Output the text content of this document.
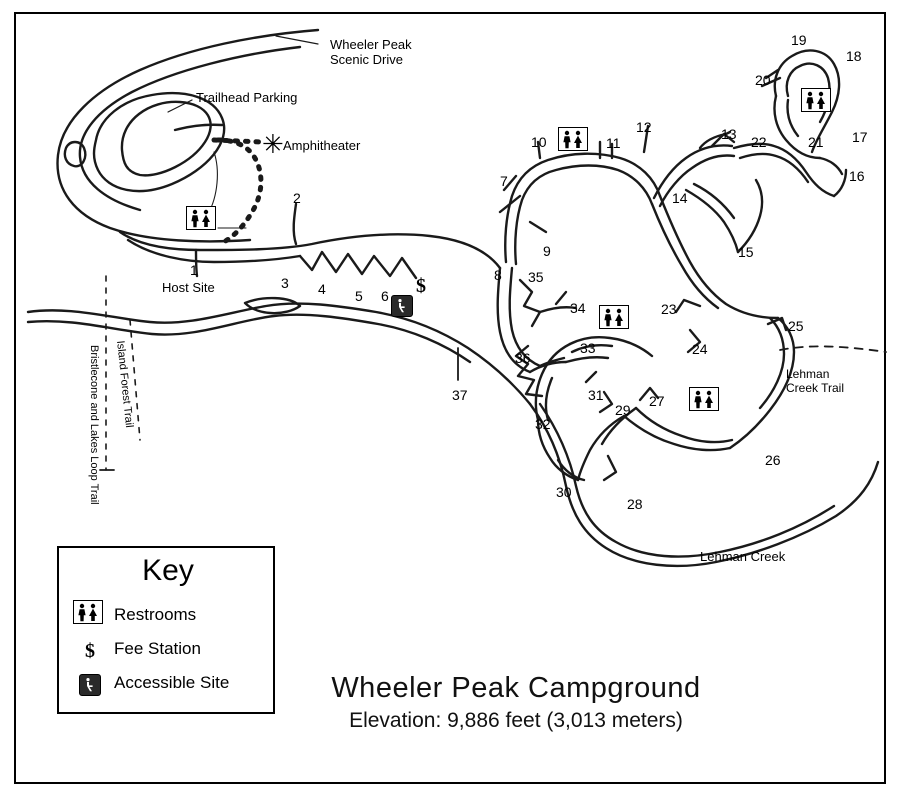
Wheeler Peak
Scenic Drive
Trailhead Parking
✳ Amphitheater
Host Site
Bristlecone and Lakes Loop Trail Island Forest Trail	Lehman
Creek Trail
Lehman Creek
1
2
3 4 5 6
7
8
9
10	11
12	13
14
15
16
17
18
19
20
21
22
23
24
25
26
27
28
29
30
31
32
33
34
35
36
37
$
Key
Restrooms
$ Fee Station
Accessible Site	Wheeler Peak Campground
Elevation: 9,886 feet (3,013 meters)
